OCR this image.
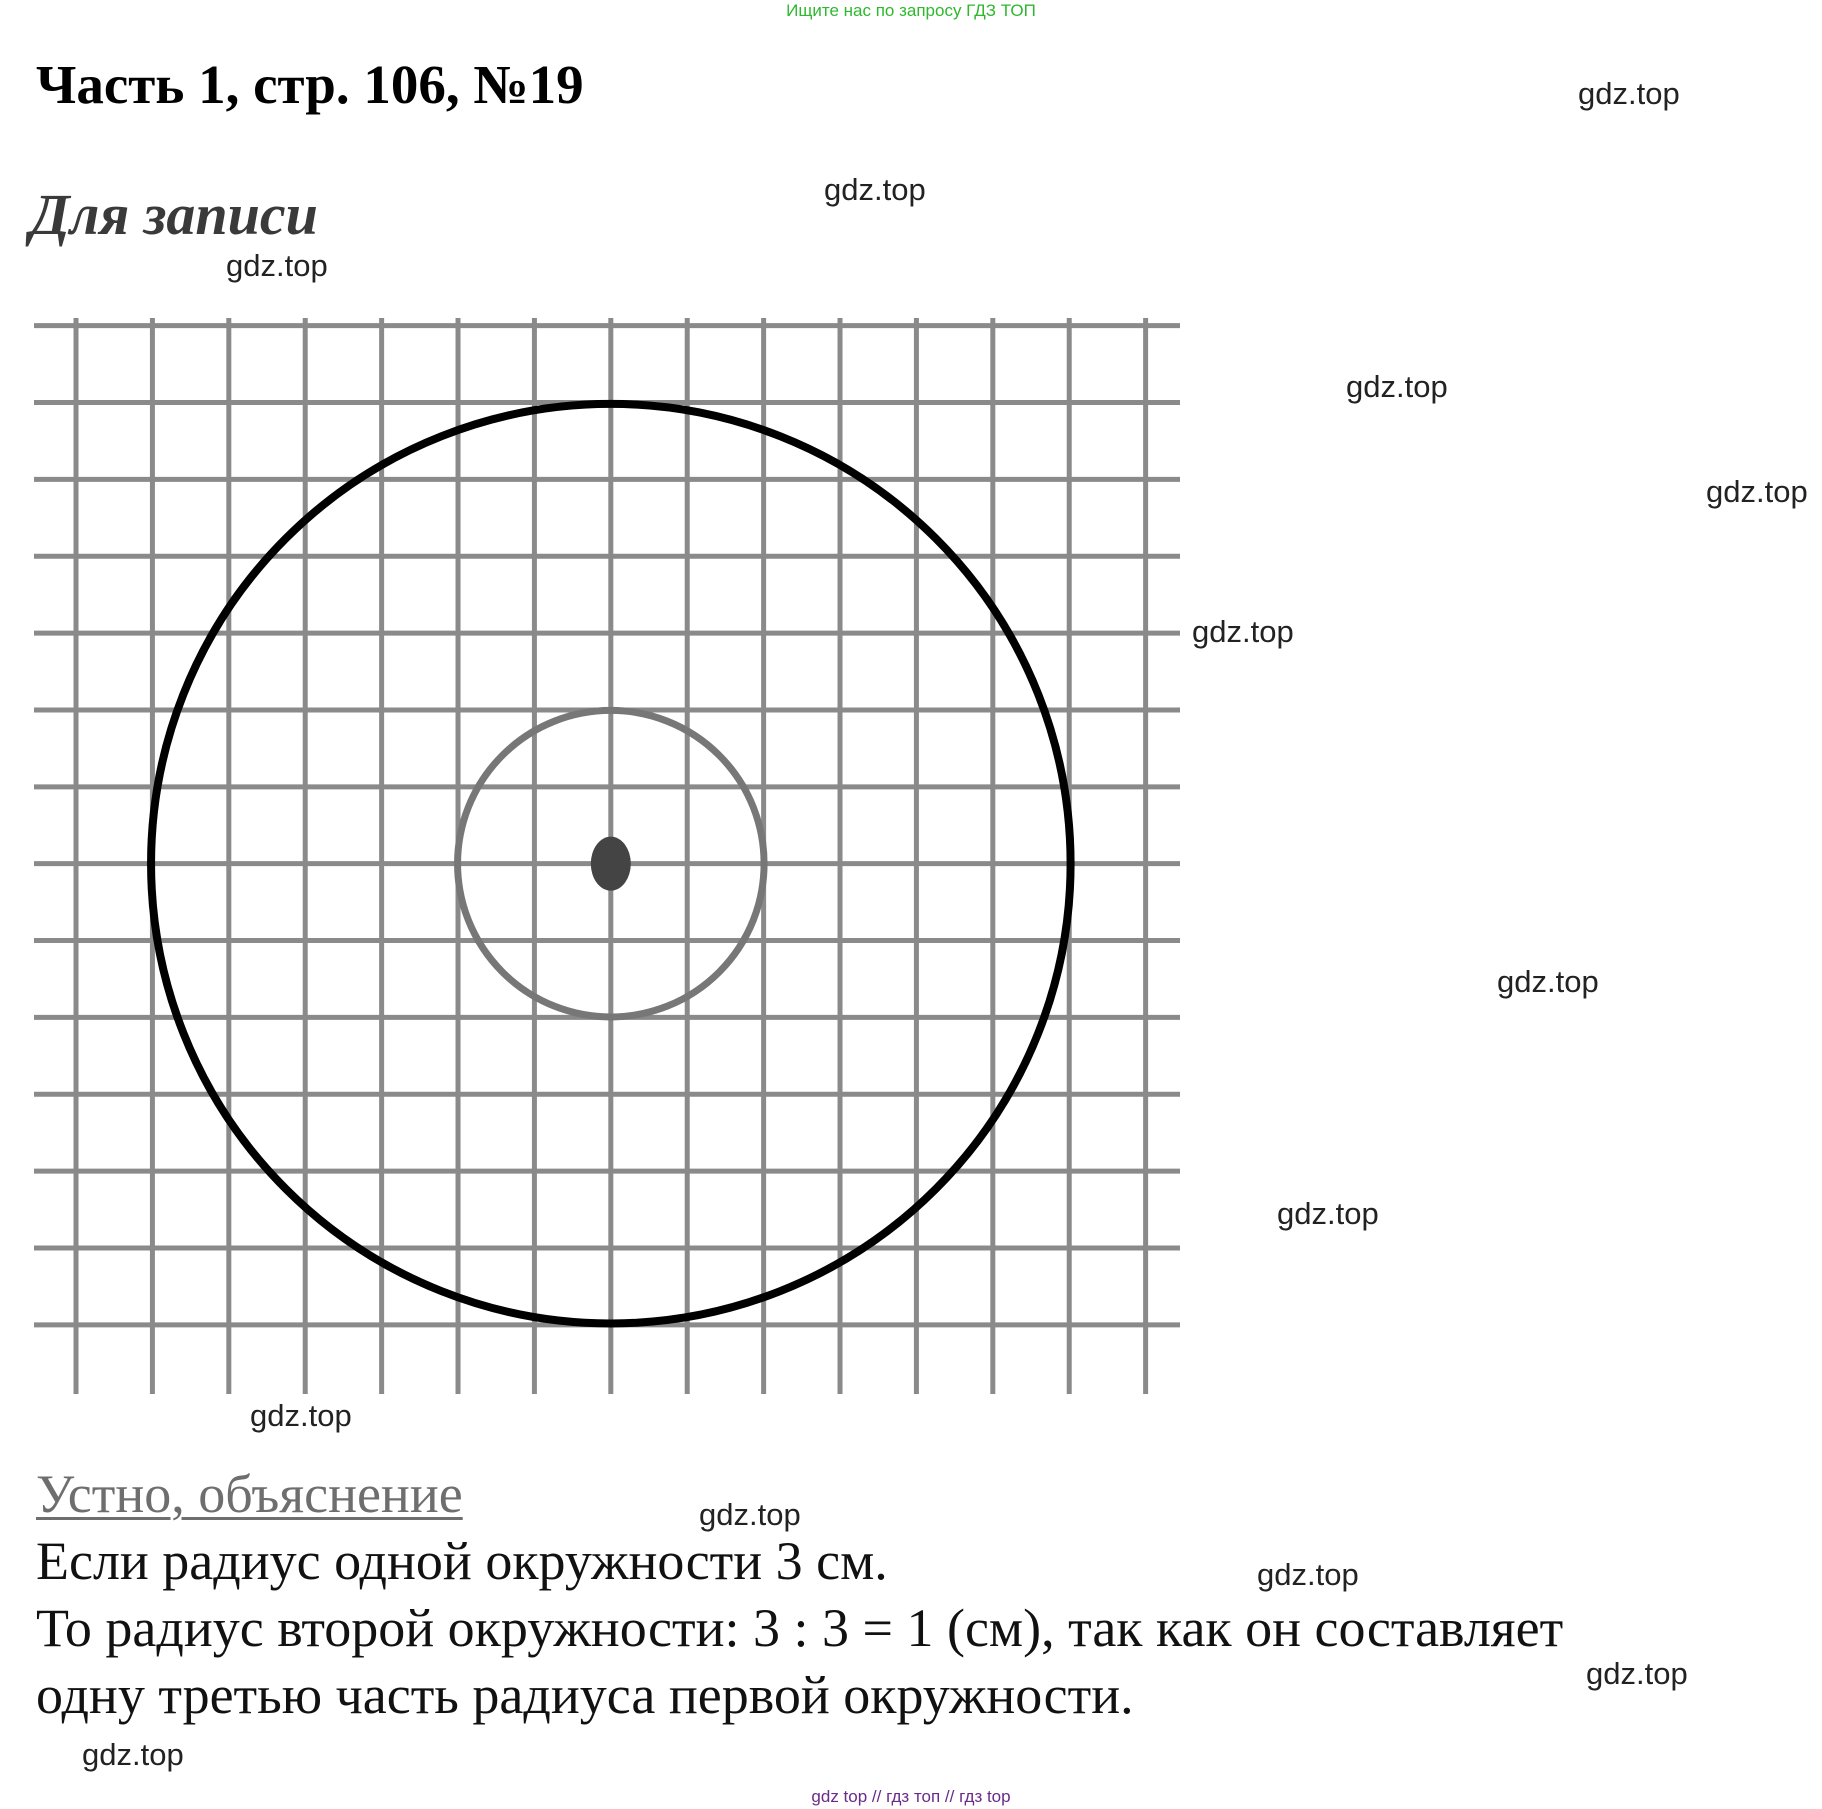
Ищите нас по запросу ГДЗ ТОП
Часть 1, стр. 106, №19
Для записи
Устно, объяснение

Если радиус одной окружности 3 см.

То радиус второй окружности: 3 : 3 = 1 (см), так как он составляет

одну третью часть радиуса первой окружности.

gdz.top
gdz.top
gdz.top
gdz.top
gdz.top
gdz.top
gdz.top
gdz.top
gdz.top
gdz.top
gdz.top
gdz.top
gdz.top
gdz top // гдз топ // гдз top
